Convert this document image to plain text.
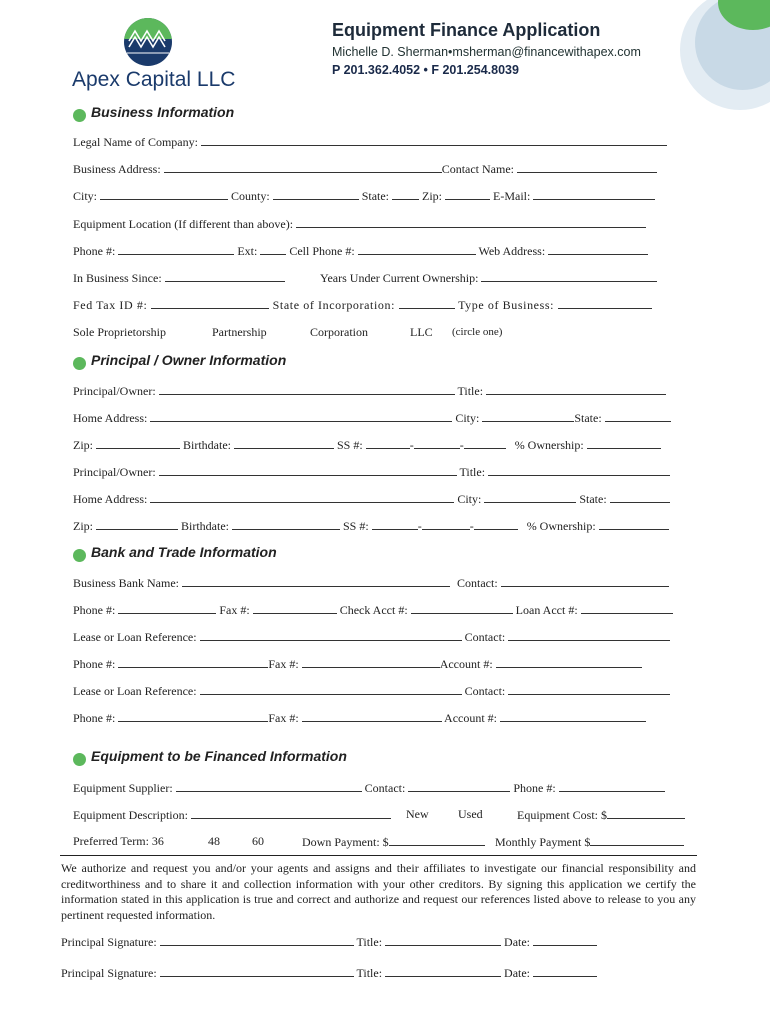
Apex Capital LLC
Equipment Finance Application
Michelle D. Sherman•msherman@financewithapex.com
P 201.362.4052 • F 201.254.8039
Business Information
Legal Name of Company:
Business Address:	Contact Name:
City:	County:	State:	Zip:	E-Mail:
Equipment Location (If different than above):
Phone #:	Ext:	Cell Phone #:	Web Address:
In Business Since:	Years Under Current Ownership:
Fed Tax ID #:	State of Incorporation:	Type of Business:
Sole Proprietorship	Partnership	Corporation	LLC (circle one)
Principal / Owner Information
Principal/Owner:	Title:
Home Address:	City:	State:
Zip:	Birthdate:	SS #:	-	-	% Ownership:
Principal/Owner:	Title:
Home Address:	City:	State:
Zip:	Birthdate:	SS #:	-	-	% Ownership:
Bank and Trade Information
Business Bank Name:	Contact:
Phone #:	Fax #:	Check Acct #:	Loan Acct #:
Lease or Loan Reference:	Contact:
Phone #:	Fax #:	Account #:
Lease or Loan Reference:	Contact:
Phone #:	Fax #:	Account #:
Equipment to be Financed Information
Equipment Supplier:	Contact:	Phone #:
Equipment Description:	New Used	Equipment Cost: $
Preferred Term: 36	48	60	Down Payment: $	Monthly Payment $
We authorize and request you and/or your agents and assigns and their affiliates to investigate our financial responsibility and creditworthiness and to share it and collection information with your other creditors. By signing this application we certify the information stated in this application is true and correct and authorize and request our references listed above to release to you any pertinent requested information.
Principal Signature:	Title:	Date:
Principal Signature:	Title:	Date:
